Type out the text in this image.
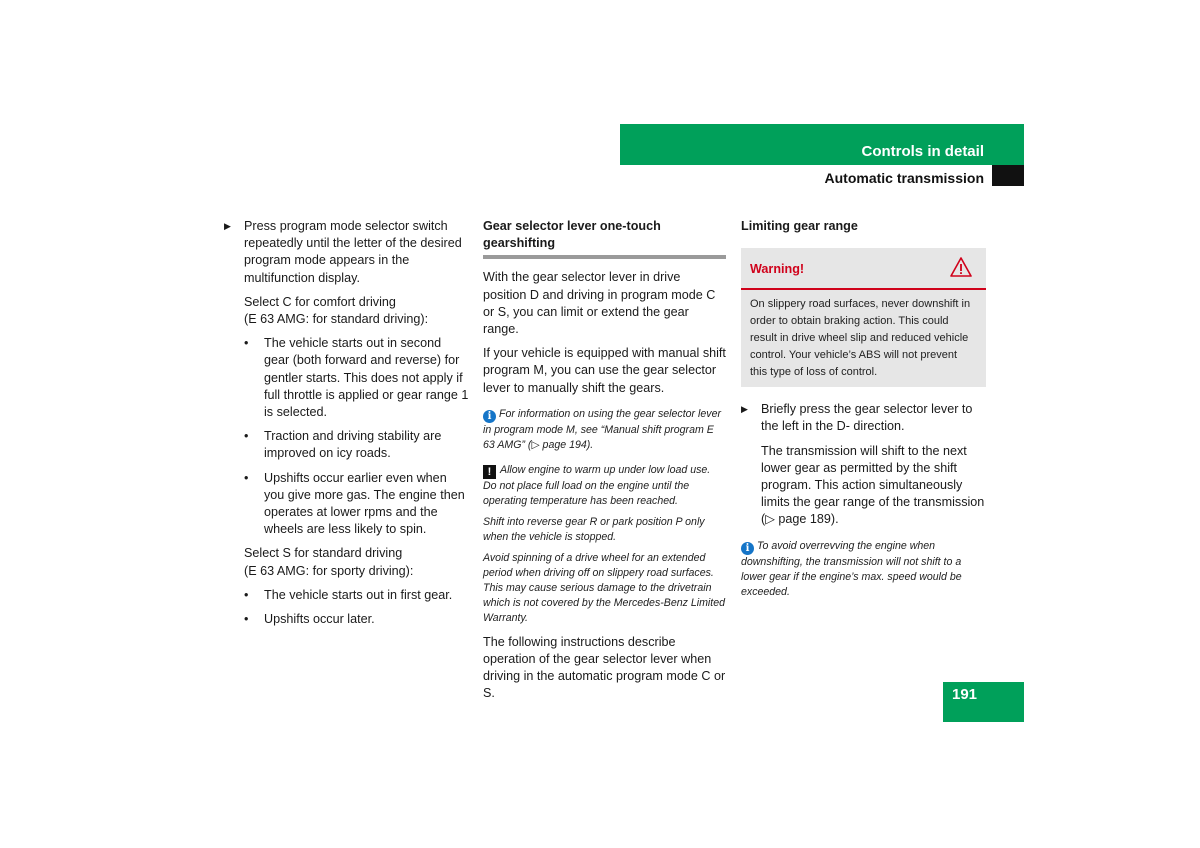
Controls in detail
Automatic transmission

▶ Press program mode selector switch repeatedly until the letter of the desired program mode appears in the multifunction display.

Select C for comfort driving
(E 63 AMG: for standard driving):

• The vehicle starts out in second gear (both forward and reverse) for gentler starts. This does not apply if full throttle is applied or gear range 1 is selected.

• Traction and driving stability are improved on icy roads.

• Upshifts occur earlier even when you give more gas. The engine then operates at lower rpms and the wheels are less likely to spin.

Select S for standard driving
(E 63 AMG: for sporty driving):

• The vehicle starts out in first gear.

• Upshifts occur later.

Gear selector lever one-touch gearshifting

With the gear selector lever in drive position D and driving in program mode C or S, you can limit or extend the gear range.

If your vehicle is equipped with manual shift program M, you can use the gear selector lever to manually shift the gears.

i For information on using the gear selector lever in program mode M, see “Manual shift program E 63 AMG” (▷ page 194).

! Allow engine to warm up under low load use. Do not place full load on the engine until the operating temperature has been reached.

Shift into reverse gear R or park position P only when the vehicle is stopped.

Avoid spinning of a drive wheel for an extended period when driving off on slippery road surfaces. This may cause serious damage to the drivetrain which is not covered by the Mercedes-Benz Limited Warranty.

The following instructions describe operation of the gear selector lever when driving in the automatic program mode C or S.

Limiting gear range
Warning!
On slippery road surfaces, never downshift in order to obtain braking action. This could result in drive wheel slip and reduced vehicle control. Your vehicle’s ABS will not prevent this type of loss of control.

▶ Briefly press the gear selector lever to the left in the D- direction.

The transmission will shift to the next lower gear as permitted by the shift program. This action simultaneously limits the gear range of the transmission (▷ page 189).

i To avoid overrevving the engine when downshifting, the transmission will not shift to a lower gear if the engine’s max. speed would be exceeded.

191
